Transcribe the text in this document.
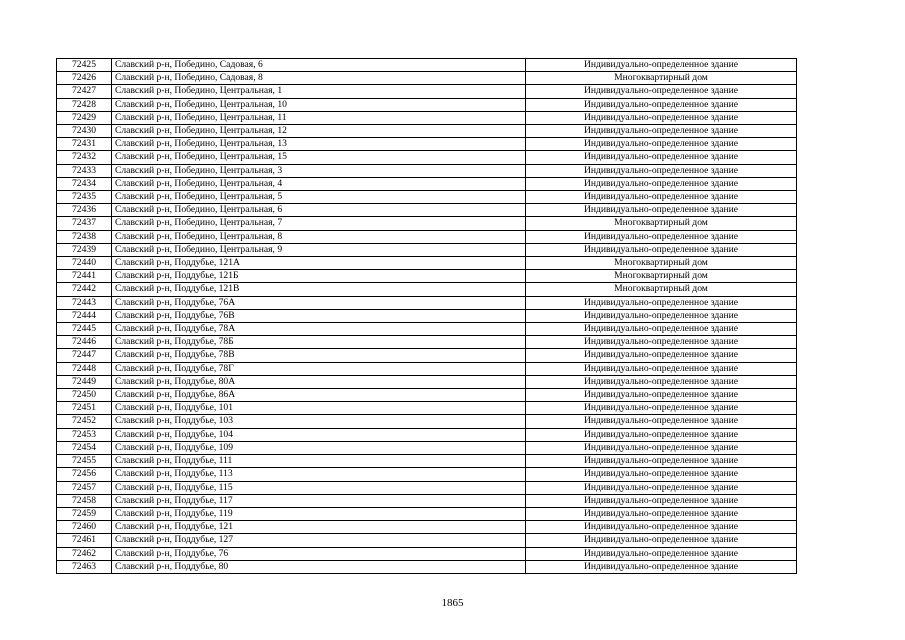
72425	Славский р-н, Победино, Садовая, 6	Индивидуально-определенное здание
72426	Славский р-н, Победино, Садовая, 8	Многоквартирный дом
72427	Славский р-н, Победино, Центральная, 1	Индивидуально-определенное здание
72428	Славский р-н, Победино, Центральная, 10	Индивидуально-определенное здание
72429	Славский р-н, Победино, Центральная, 11	Индивидуально-определенное здание
72430	Славский р-н, Победино, Центральная, 12	Индивидуально-определенное здание
72431	Славский р-н, Победино, Центральная, 13	Индивидуально-определенное здание
72432	Славский р-н, Победино, Центральная, 15	Индивидуально-определенное здание
72433	Славский р-н, Победино, Центральная, 3	Индивидуально-определенное здание
72434	Славский р-н, Победино, Центральная, 4	Индивидуально-определенное здание
72435	Славский р-н, Победино, Центральная, 5	Индивидуально-определенное здание
72436	Славский р-н, Победино, Центральная, 6	Индивидуально-определенное здание
72437	Славский р-н, Победино, Центральная, 7	Многоквартирный дом
72438	Славский р-н, Победино, Центральная, 8	Индивидуально-определенное здание
72439	Славский р-н, Победино, Центральная, 9	Индивидуально-определенное здание
72440	Славский р-н, Поддубье, 121А	Многоквартирный дом
72441	Славский р-н, Поддубье, 121Б	Многоквартирный дом
72442	Славский р-н, Поддубье, 121В	Многоквартирный дом
72443	Славский р-н, Поддубье, 76А	Индивидуально-определенное здание
72444	Славский р-н, Поддубье, 76В	Индивидуально-определенное здание
72445	Славский р-н, Поддубье, 78А	Индивидуально-определенное здание
72446	Славский р-н, Поддубье, 78Б	Индивидуально-определенное здание
72447	Славский р-н, Поддубье, 78В	Индивидуально-определенное здание
72448	Славский р-н, Поддубье, 78Г	Индивидуально-определенное здание
72449	Славский р-н, Поддубье, 80А	Индивидуально-определенное здание
72450	Славский р-н, Поддубье, 86А	Индивидуально-определенное здание
72451	Славский р-н, Поддубье, 101	Индивидуально-определенное здание
72452	Славский р-н, Поддубье, 103	Индивидуально-определенное здание
72453	Славский р-н, Поддубье, 104	Индивидуально-определенное здание
72454	Славский р-н, Поддубье, 109	Индивидуально-определенное здание
72455	Славский р-н, Поддубье, 111	Индивидуально-определенное здание
72456	Славский р-н, Поддубье, 113	Индивидуально-определенное здание
72457	Славский р-н, Поддубье, 115	Индивидуально-определенное здание
72458	Славский р-н, Поддубье, 117	Индивидуально-определенное здание
72459	Славский р-н, Поддубье, 119	Индивидуально-определенное здание
72460	Славский р-н, Поддубье, 121	Индивидуально-определенное здание
72461	Славский р-н, Поддубье, 127	Индивидуально-определенное здание
72462	Славский р-н, Поддубье, 76	Индивидуально-определенное здание
72463	Славский р-н, Поддубье, 80	Индивидуально-определенное здание
1865
